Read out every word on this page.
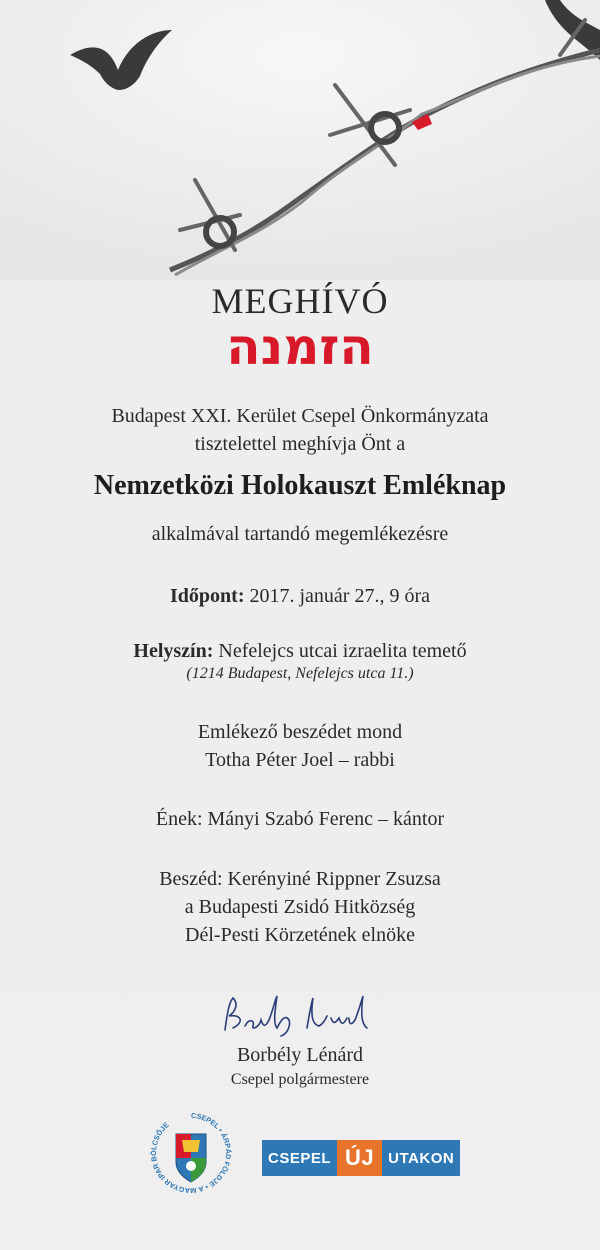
MEGHÍVÓ
הזמנה
Budapest XXI. Kerület Csepel Önkormányzata
tisztelettel meghívja Önt a
Nemzetközi Holokauszt Emléknap
alkalmával tartandó megemlékezésre
Időpont: 2017. január 27., 9 óra
Helyszín: Nefelejcs utcai izraelita temető
(1214 Budapest, Nefelejcs utca 11.)
Emlékező beszédet mond
Totha Péter Joel – rabbi
Ének: Mányi Szabó Ferenc – kántor
Beszéd: Kerényiné Rippner Zsuzsa
a Budapesti Zsidó Hitközség
Dél-Pesti Körzetének elnöke
Borbély Lénárd
Csepel polgármestere
CSEPEL • ÁRPÁD FÖLDJE • A MAGYAR IPAR BÖLCSŐJE
CSEPEL ÚJ UTAKON
